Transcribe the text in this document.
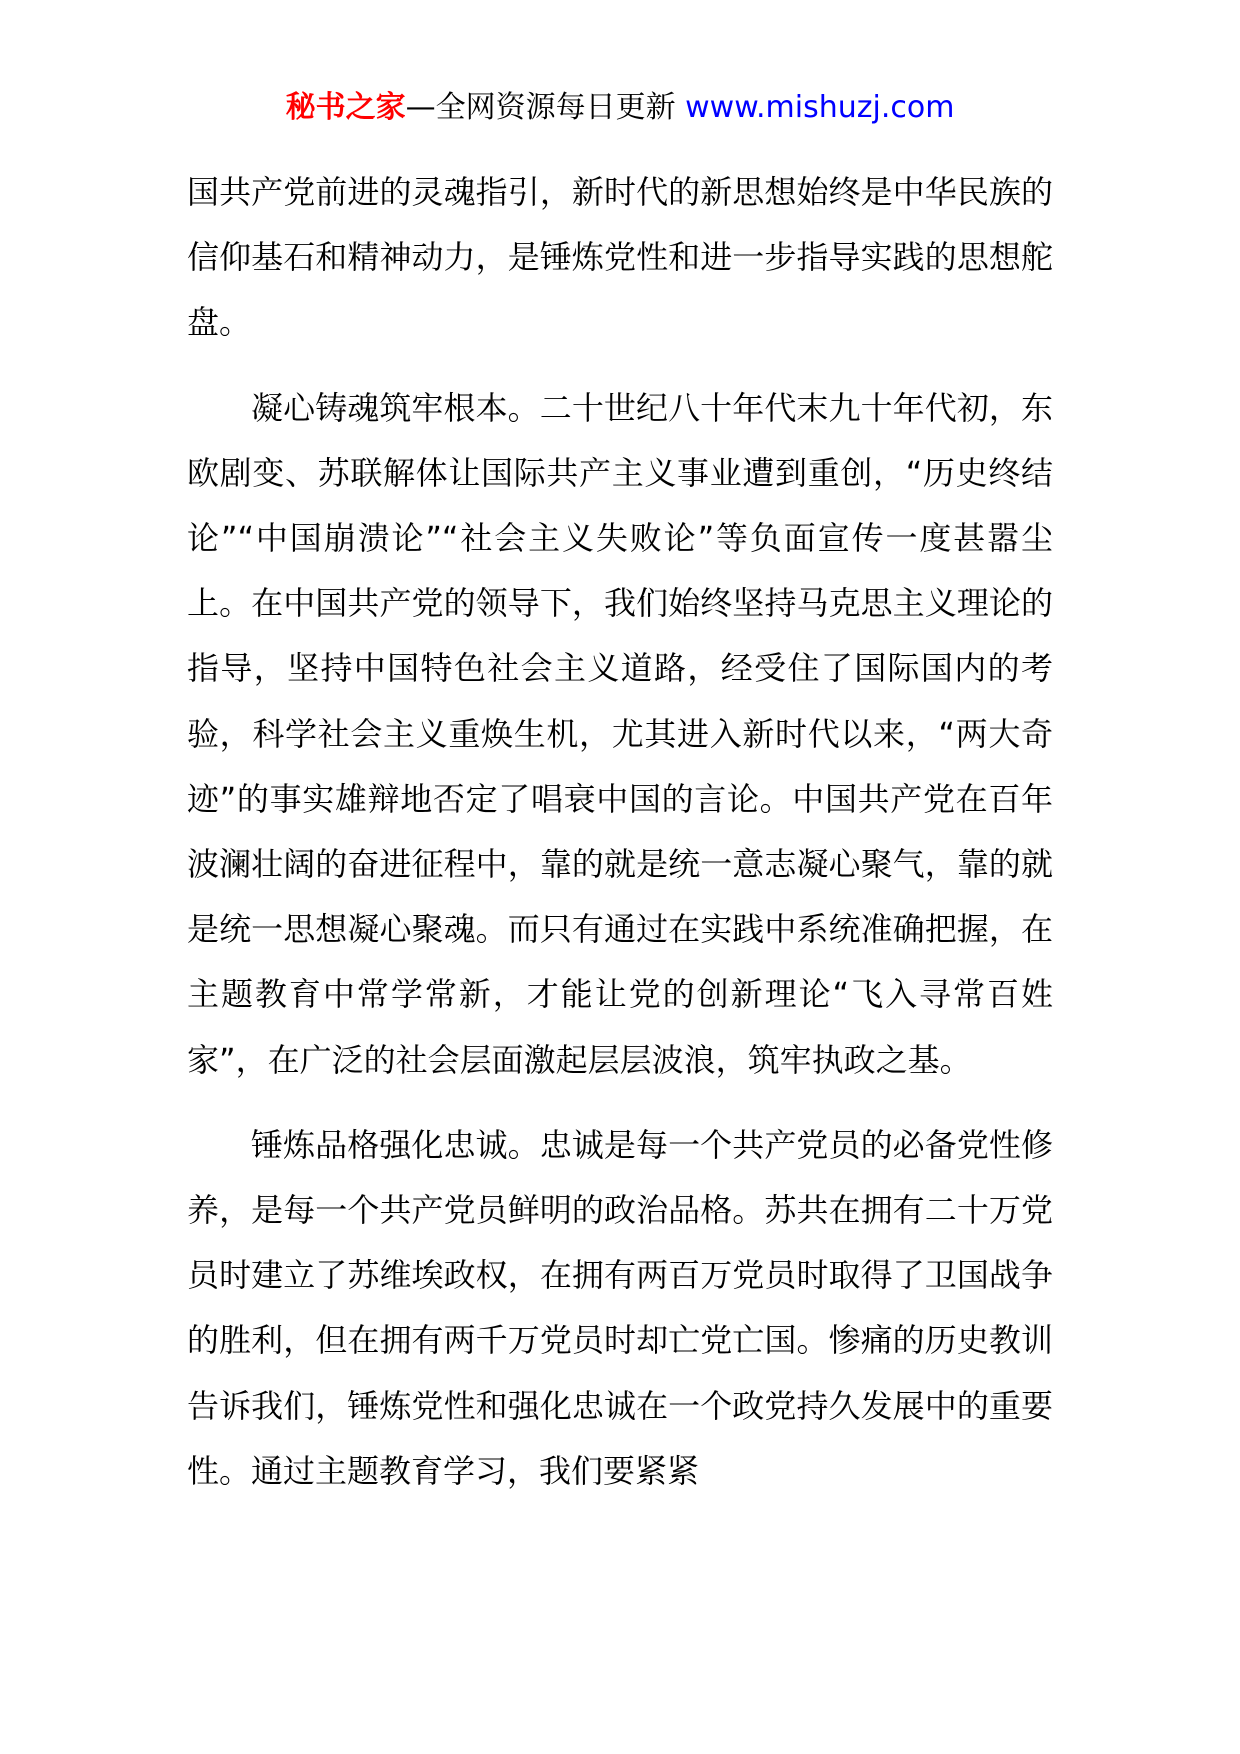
秘书之家—全网资源每日更新 www.mishuzj.com

国共产党前进的灵魂指引，新时代的新思想始终是中华民族的信仰基石和精神动力，是锤炼党性和进一步指导实践的思想舵盘。

凝心铸魂筑牢根本。二十世纪八十年代末九十年代初，东欧剧变、苏联解体让国际共产主义事业遭到重创，“历史终结论”“中国崩溃论”“社会主义失败论”等负面宣传一度甚嚣尘上。在中国共产党的领导下，我们始终坚持马克思主义理论的指导，坚持中国特色社会主义道路，经受住了国际国内的考验，科学社会主义重焕生机，尤其进入新时代以来，“两大奇迹”的事实雄辩地否定了唱衰中国的言论。中国共产党在百年波澜壮阔的奋进征程中，靠的就是统一意志凝心聚气，靠的就是统一思想凝心聚魂。而只有通过在实践中系统准确把握，在主题教育中常学常新，才能让党的创新理论“飞入寻常百姓家”，在广泛的社会层面激起层层波浪，筑牢执政之基。

锤炼品格强化忠诚。忠诚是每一个共产党员的必备党性修养，是每一个共产党员鲜明的政治品格。苏共在拥有二十万党员时建立了苏维埃政权，在拥有两百万党员时取得了卫国战争的胜利，但在拥有两千万党员时却亡党亡国。惨痛的历史教训告诉我们，锤炼党性和强化忠诚在一个政党持久发展中的重要性。通过主题教育学习，我们要紧紧
